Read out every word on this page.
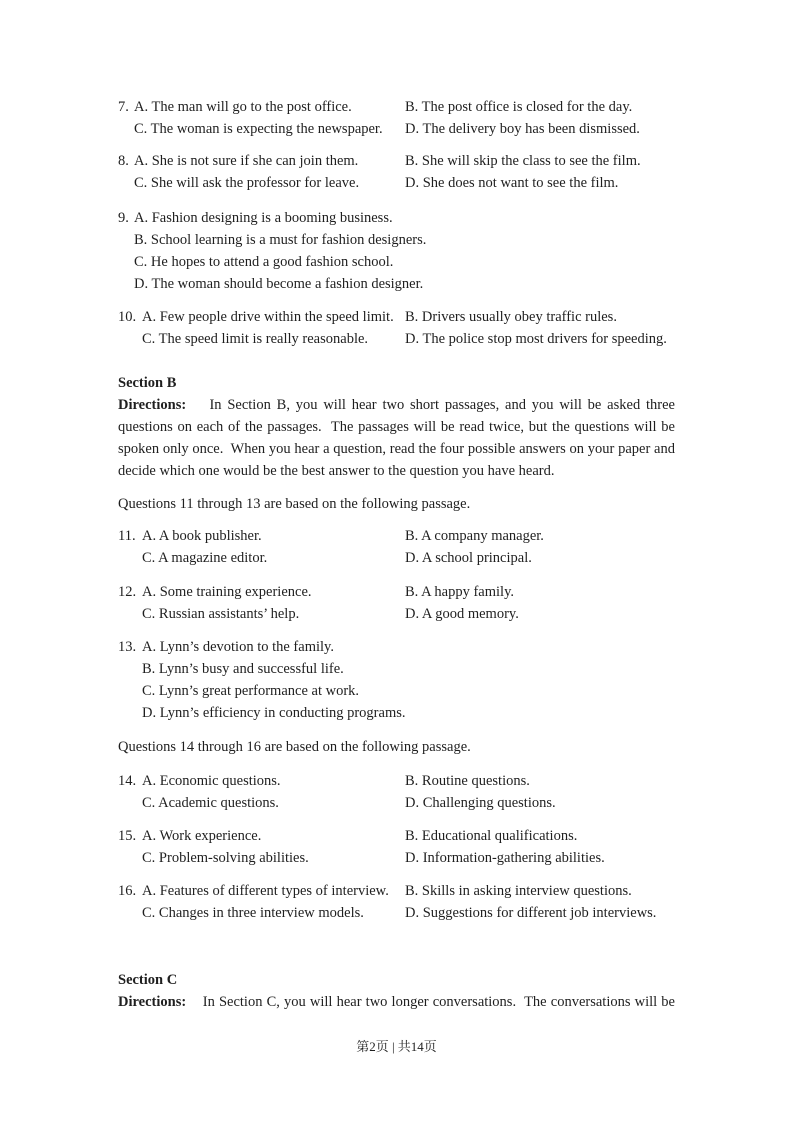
7. A. The man will go to the post office.	B. The post office is closed for the day.
C. The woman is expecting the newspaper.	D. The delivery boy has been dismissed.
8. A. She is not sure if she can join them.	B. She will skip the class to see the film.
C. She will ask the professor for leave.	D. She does not want to see the film.
9. A. Fashion designing is a booming business.
B. School learning is a must for fashion designers.
C. He hopes to attend a good fashion school.
D. The woman should become a fashion designer.
10. A. Few people drive within the speed limit. B. Drivers usually obey traffic rules.
C. The speed limit is really reasonable.	D. The police stop most drivers for speeding.

Section B

Directions:    In Section B, you will hear two short passages, and you will be asked three questions on each of the passages.  The passages will be read twice, but the questions will be spoken only once.  When you hear a question, read the four possible answers on your paper and decide which one would be the best answer to the question you have heard.

Questions 11 through 13 are based on the following passage.

11. A. A book publisher.	B. A company manager.
C. A magazine editor.	D. A school principal.
12. A. Some training experience.	B. A happy family.
C. Russian assistants’ help.	D. A good memory.
13. A. Lynn’s devotion to the family.
B. Lynn’s busy and successful life.
C. Lynn’s great performance at work.
D. Lynn’s efficiency in conducting programs.

Questions 14 through 16 are based on the following passage.

14. A. Economic questions.	B. Routine questions.
C. Academic questions.	D. Challenging questions.
15. A. Work experience.	B. Educational qualifications.
C. Problem-solving abilities.	D. Information-gathering abilities.
16. A. Features of different types of interview.	B. Skills in asking interview questions.
C. Changes in three interview models.	D. Suggestions for different job interviews.

Section C

Directions:    In Section C, you will hear two longer conversations.  The conversations will be

第2页 | 共14页
